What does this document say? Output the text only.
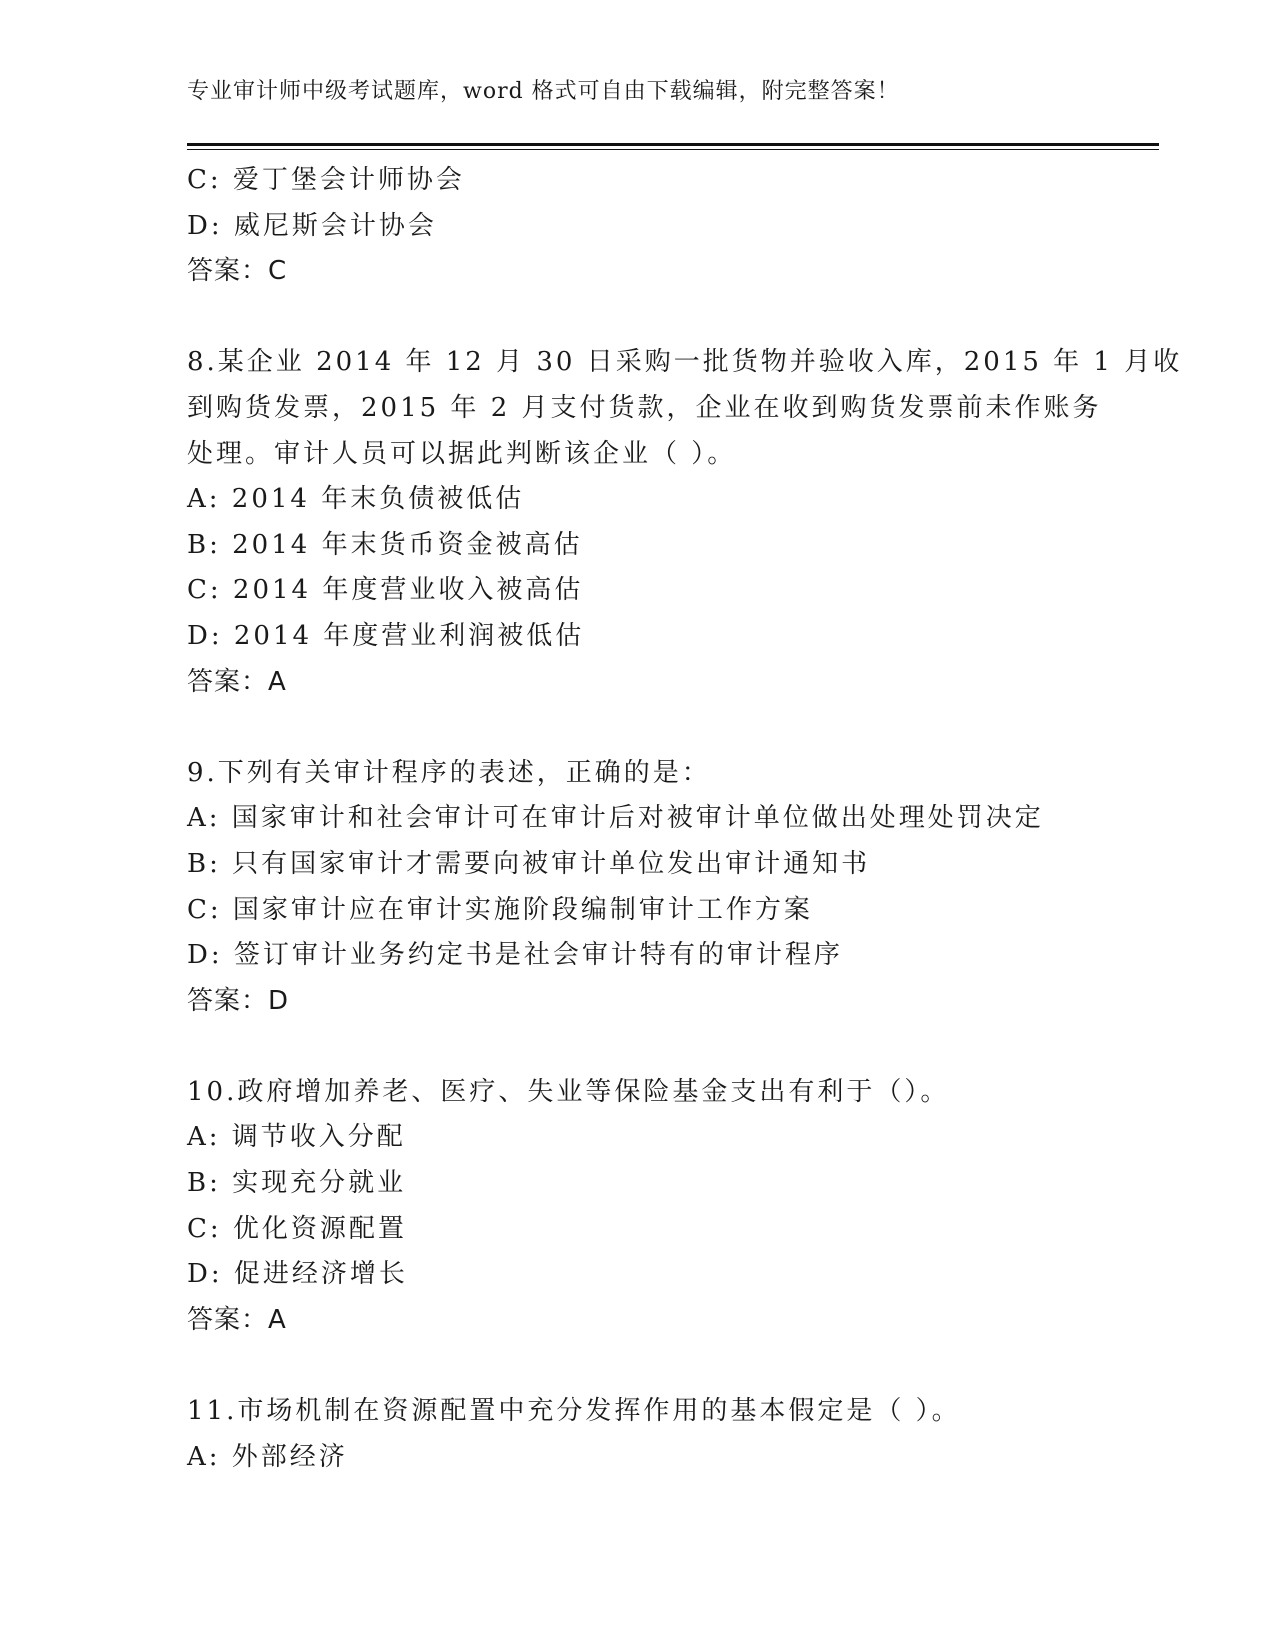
专业审计师中级考试题库，word 格式可自由下载编辑，附完整答案！
C: 爱丁堡会计师协会
D: 威尼斯会计协会
答案：C
8.某企业 2014 年 12 月 30 日采购一批货物并验收入库，2015 年 1 月收
到购货发票，2015 年 2 月支付货款，企业在收到购货发票前未作账务
处理。审计人员可以据此判断该企业（ ）。
A: 2014 年末负债被低估
B: 2014 年末货币资金被高估
C: 2014 年度营业收入被高估
D: 2014 年度营业利润被低估
答案：A
9.下列有关审计程序的表述，正确的是：
A: 国家审计和社会审计可在审计后对被审计单位做出处理处罚决定
B: 只有国家审计才需要向被审计单位发出审计通知书
C: 国家审计应在审计实施阶段编制审计工作方案
D: 签订审计业务约定书是社会审计特有的审计程序
答案：D
10.政府增加养老、医疗、失业等保险基金支出有利于（）。
A: 调节收入分配
B: 实现充分就业
C: 优化资源配置
D: 促进经济增长
答案：A
11.市场机制在资源配置中充分发挥作用的基本假定是（ ）。
A: 外部经济
